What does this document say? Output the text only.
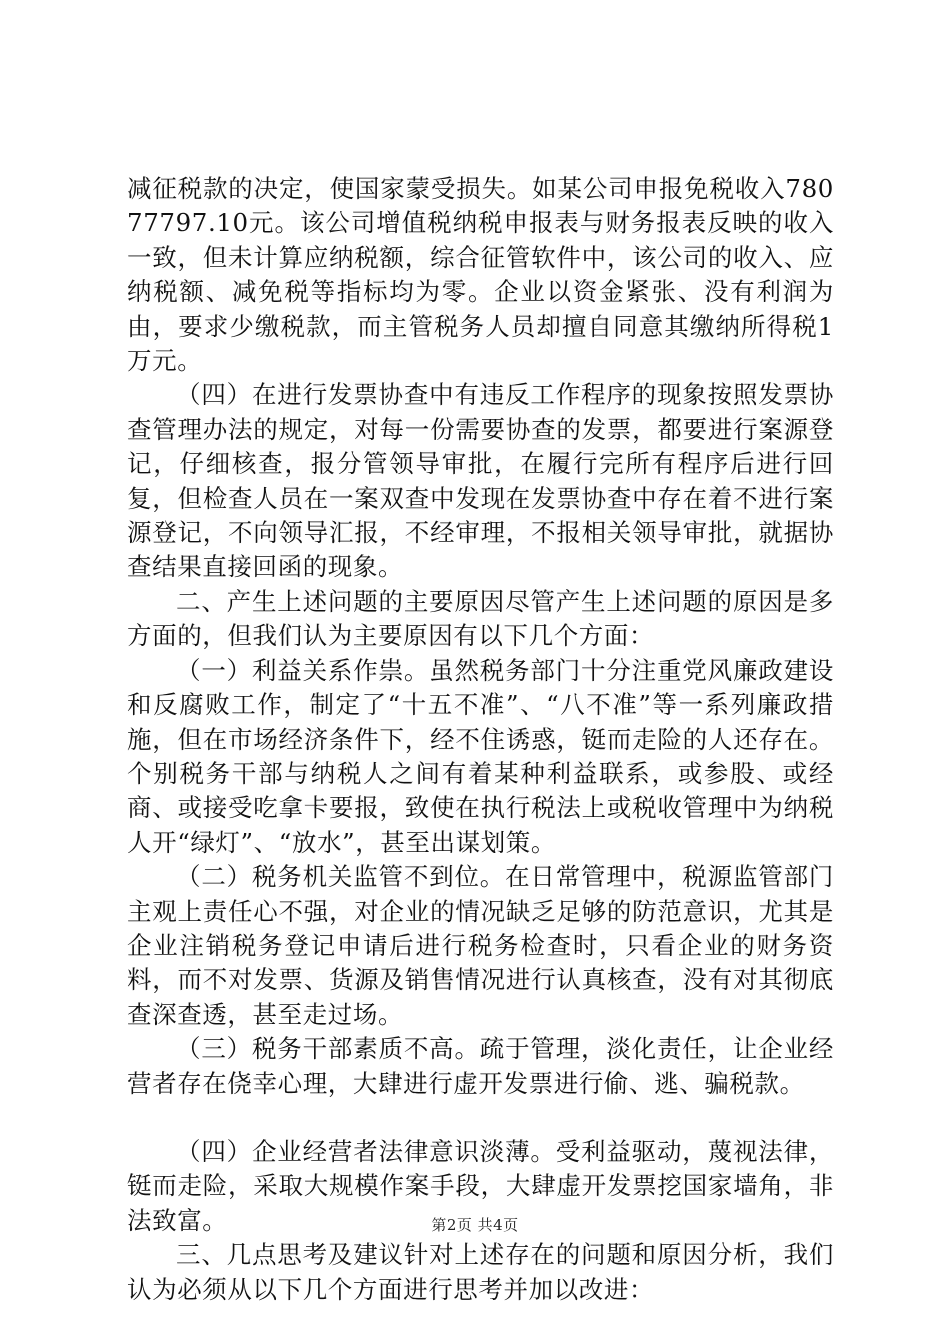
减征税款的决定，使国家蒙受损失。如某公司申报免税收入78077797.10元。该公司增值税纳税申报表与财务报表反映的收入一致，但未计算应纳税额，综合征管软件中，该公司的收入、应纳税额、减免税等指标均为零。企业以资金紧张、没有利润为由，要求少缴税款，而主管税务人员却擅自同意其缴纳所得税1万元。

（四）在进行发票协查中有违反工作程序的现象按照发票协查管理办法的规定，对每一份需要协查的发票，都要进行案源登记，仔细核查，报分管领导审批，在履行完所有程序后进行回复，但检查人员在一案双查中发现在发票协查中存在着不进行案源登记，不向领导汇报，不经审理，不报相关领导审批，就据协查结果直接回函的现象。

二、产生上述问题的主要原因尽管产生上述问题的原因是多方面的，但我们认为主要原因有以下几个方面：

（一）利益关系作祟。虽然税务部门十分注重党风廉政建设和反腐败工作，制定了“十五不准”、“八不准”等一系列廉政措施，但在市场经济条件下，经不住诱惑，铤而走险的人还存在。个别税务干部与纳税人之间有着某种利益联系，或参股、或经商、或接受吃拿卡要报，致使在执行税法上或税收管理中为纳税人开“绿灯”、“放水”，甚至出谋划策。

（二）税务机关监管不到位。在日常管理中，税源监管部门主观上责任心不强，对企业的情况缺乏足够的防范意识，尤其是企业注销税务登记申请后进行税务检查时，只看企业的财务资料，而不对发票、货源及销售情况进行认真核查，没有对其彻底查深查透，甚至走过场。

（三）税务干部素质不高。疏于管理，淡化责任，让企业经营者存在侥幸心理，大肆进行虚开发票进行偷、逃、骗税款。

（四）企业经营者法律意识淡薄。受利益驱动，蔑视法律，铤而走险，采取大规模作案手段，大肆虚开发票挖国家墙角，非法致富。

三、几点思考及建议针对上述存在的问题和原因分析，我们认为必须从以下几个方面进行思考并加以改进：

第2页 共4页
